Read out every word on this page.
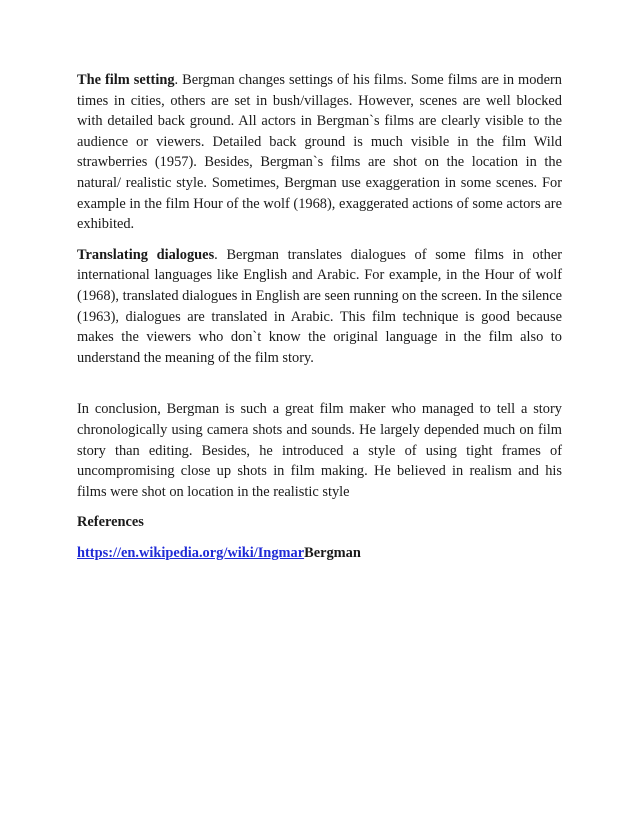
The film setting. Bergman changes settings of his films. Some films are in modern times in cities, others are set in bush/villages. However, scenes are well blocked with detailed back ground. All actors in Bergman`s films are clearly visible to the audience or viewers. Detailed back ground is much visible in the film Wild strawberries (1957). Besides, Bergman`s films are shot on the location in the natural/ realistic style. Sometimes, Bergman use exaggeration in some scenes. For example in the film Hour of the wolf (1968), exaggerated actions of some actors are exhibited.

Translating dialogues. Bergman translates dialogues of some films in other international languages like English and Arabic. For example, in the Hour of wolf (1968), translated dialogues in English are seen running on the screen. In the silence (1963), dialogues are translated in Arabic. This film technique is good because makes the viewers who don`t know the original language in the film also to understand the meaning of the film story.

In conclusion, Bergman is such a great film maker who managed to tell a story chronologically using camera shots and sounds. He largely depended much on film story than editing. Besides, he introduced a style of using tight frames of uncompromising close up shots in film making. He believed in realism and his films were shot on location in the realistic style

References

https://en.wikipedia.org/wiki/IngmarBergman
